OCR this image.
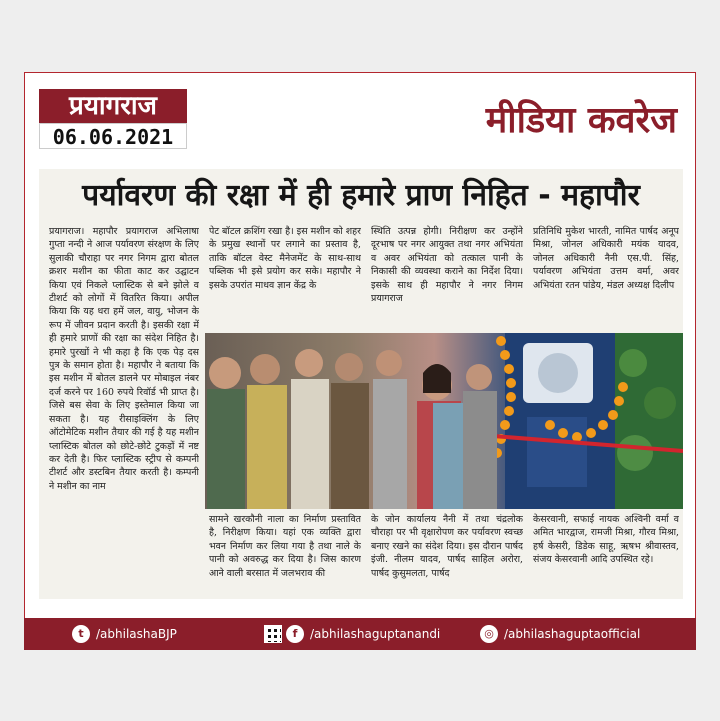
प्रयागराज
06.06.2021	मीडिया कवरेज
पर्यावरण की रक्षा में ही हमारे प्राण निहित - महापौर
प्रयागराज। महापौर प्रयागराज अभिलाषा गुप्ता नन्दी ने आज पर्यावरण संरक्षण के लिए सुलाकी चौराहा पर नगर निगम द्वारा बोतल क्रशर मशीन का फीता काट कर उद्घाटन किया एवं निकले प्लास्टिक से बने झोले व टीशर्ट को लोगों में वितरित किया। अपील किया कि यह धरा हमें जल, वायु, भोजन के रूप में जीवन प्रदान करती है। इसकी रक्षा में ही हमारे प्राणों की रक्षा का संदेश निहित है। हमारे पुरखों ने भी कहा है कि एक पेड़ दस पुत्र के समान होता है। महापौर ने बताया कि इस मशीन में बोतल डालने पर मोबाइल नंबर दर्ज करने पर 160 रुपये रिवॉर्ड भी प्राप्त है। जिसे बस सेवा के लिए इस्तेमाल किया जा सकता है। यह रीसाइक्लिंग के लिए ऑटोमेटिक मशीन तैयार की गई है यह मशीन प्लास्टिक बोतल को छोटे-छोटे टुकड़ों में नष्ट कर देती है। फिर प्लास्टिक स्ट्रीप से कम्पनी टीशर्ट और डस्टबिन तैयार करती है। कम्पनी ने मशीन का नाम
पेट बॉटल क्रशिंग रखा है। इस मशीन को शहर के प्रमुख स्थानों पर लगाने का प्रस्ताव है, ताकि बॉटल वेस्ट मैनेजमेंट के साथ-साथ पब्लिक भी इसे प्रयोग कर सके। महापौर ने इसके उपरांत माधव ज्ञान केंद्र के
स्थिति उत्पन्न होगी। निरीक्षण कर उन्होंने दूरभाष पर नगर आयुक्त तथा नगर अभियंता व अवर अभियंता को तत्काल पानी के निकासी की व्यवस्था कराने का निर्देश दिया। इसके साथ ही महापौर ने नगर निगम प्रयागराज
प्रतिनिधि मुकेश भारती, नामित पार्षद अनूप मिश्रा, जोनल अधिकारी मयंक यादव, जोनल अधिकारी नैनी एस.पी. सिंह, पर्यावरण अभियंता उत्तम वर्मा, अवर अभियंता रतन पांडेय, मंडल अध्यक्ष दिलीप
सामने खरकौनी नाला का निर्माण प्रस्तावित है, निरीक्षण किया। यहां एक व्यक्ति द्वारा भवन निर्माण कर लिया गया है तथा नाले के पानी को अवरुद्ध कर दिया है। जिस कारण आने वाली बरसात में जलभराव की
के जोन कार्यालय नैनी में तथा चंद्रलोक चौराहा पर भी वृक्षारोपण कर पर्यावरण स्वच्छ बनाए रखने का संदेश दिया। इस दौरान पार्षद इंजी. नीलम यादव, पार्षद साहिल अरोरा, पार्षद कुसुमलता, पार्षद
केसरवानी, सफाई नायक अश्विनी वर्मा व अमित भारद्वाज, रामजी मिश्रा, गौरव मिश्रा, हर्ष केसरी, डिडेक साहू, ऋषभ श्रीवास्तव, संजय केसरवानी आदि उपस्थित रहे।
t	/abhilashaBJP	f	/abhilashaguptanandi	◎ /abhilashaguptaofficial
